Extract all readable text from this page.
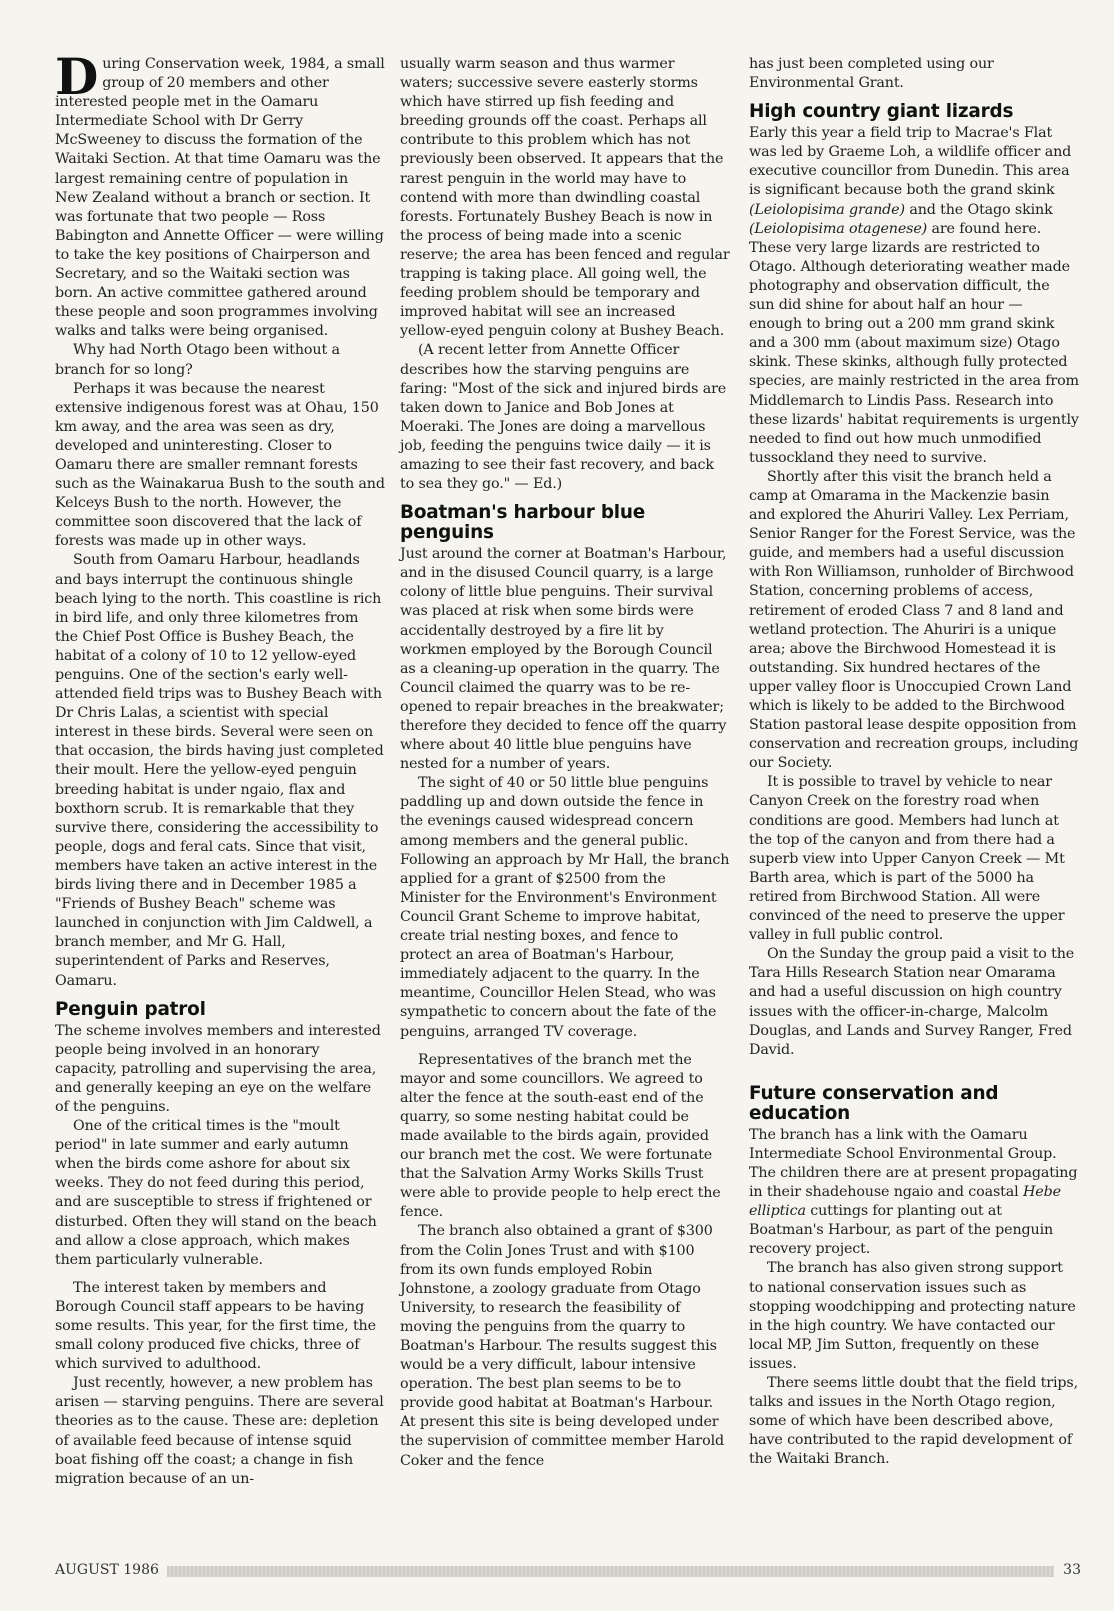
During Conservation week, 1984, a small group of 20 members and other interested people met in the Oamaru Intermediate School with Dr Gerry McSweeney to discuss the formation of the Waitaki Section. At that time Oamaru was the largest remaining centre of population in New Zealand without a branch or section. It was fortunate that two people — Ross Babington and Annette Officer — were willing to take the key positions of Chairperson and Secretary, and so the Waitaki section was born. An active committee gathered around these people and soon programmes involving walks and talks were being organised.

Why had North Otago been without a branch for so long?

Perhaps it was because the nearest extensive indigenous forest was at Ohau, 150 km away, and the area was seen as dry, developed and uninteresting. Closer to Oamaru there are smaller remnant forests such as the Wainakarua Bush to the south and Kelceys Bush to the north. However, the committee soon discovered that the lack of forests was made up in other ways.

South from Oamaru Harbour, headlands and bays interrupt the continuous shingle beach lying to the north. This coastline is rich in bird life, and only three kilometres from the Chief Post Office is Bushey Beach, the habitat of a colony of 10 to 12 yellow-eyed penguins. One of the section's early well-attended field trips was to Bushey Beach with Dr Chris Lalas, a scientist with special interest in these birds. Several were seen on that occasion, the birds having just completed their moult. Here the yellow-eyed penguin breeding habitat is under ngaio, flax and boxthorn scrub. It is remarkable that they survive there, considering the accessibility to people, dogs and feral cats. Since that visit, members have taken an active interest in the birds living there and in December 1985 a "Friends of Bushey Beach" scheme was launched in conjunction with Jim Caldwell, a branch member, and Mr G. Hall, superintendent of Parks and Reserves, Oamaru.

Penguin patrol

The scheme involves members and interested people being involved in an honorary capacity, patrolling and supervising the area, and generally keeping an eye on the welfare of the penguins.

One of the critical times is the "moult period" in late summer and early autumn when the birds come ashore for about six weeks. They do not feed during this period, and are susceptible to stress if frightened or disturbed. Often they will stand on the beach and allow a close approach, which makes them particularly vulnerable.

The interest taken by members and Borough Council staff appears to be having some results. This year, for the first time, the small colony produced five chicks, three of which survived to adulthood.

Just recently, however, a new problem has arisen — starving penguins. There are several theories as to the cause. These are: depletion of available feed because of intense squid boat fishing off the coast; a change in fish migration because of an un-

usually warm season and thus warmer waters; successive severe easterly storms which have stirred up fish feeding and breeding grounds off the coast. Perhaps all contribute to this problem which has not previously been observed. It appears that the rarest penguin in the world may have to contend with more than dwindling coastal forests. Fortunately Bushey Beach is now in the process of being made into a scenic reserve; the area has been fenced and regular trapping is taking place. All going well, the feeding problem should be temporary and improved habitat will see an increased yellow-eyed penguin colony at Bushey Beach.

(A recent letter from Annette Officer describes how the starving penguins are faring: "Most of the sick and injured birds are taken down to Janice and Bob Jones at Moeraki. The Jones are doing a marvellous job, feeding the penguins twice daily — it is amazing to see their fast recovery, and back to sea they go." — Ed.)

Boatman's harbour blue penguins

Just around the corner at Boatman's Harbour, and in the disused Council quarry, is a large colony of little blue penguins. Their survival was placed at risk when some birds were accidentally destroyed by a fire lit by workmen employed by the Borough Council as a cleaning-up operation in the quarry. The Council claimed the quarry was to be re-opened to repair breaches in the breakwater; therefore they decided to fence off the quarry where about 40 little blue penguins have nested for a number of years.

The sight of 40 or 50 little blue penguins paddling up and down outside the fence in the evenings caused widespread concern among members and the general public. Following an approach by Mr Hall, the branch applied for a grant of $2500 from the Minister for the Environment's Environment Council Grant Scheme to improve habitat, create trial nesting boxes, and fence to protect an area of Boatman's Harbour, immediately adjacent to the quarry. In the meantime, Councillor Helen Stead, who was sympathetic to concern about the fate of the penguins, arranged TV coverage.

Representatives of the branch met the mayor and some councillors. We agreed to alter the fence at the south-east end of the quarry, so some nesting habitat could be made available to the birds again, provided our branch met the cost. We were fortunate that the Salvation Army Works Skills Trust were able to provide people to help erect the fence.

The branch also obtained a grant of $300 from the Colin Jones Trust and with $100 from its own funds employed Robin Johnstone, a zoology graduate from Otago University, to research the feasibility of moving the penguins from the quarry to Boatman's Harbour. The results suggest this would be a very difficult, labour intensive operation. The best plan seems to be to provide good habitat at Boatman's Harbour. At present this site is being developed under the supervision of committee member Harold Coker and the fence

has just been completed using our Environmental Grant.

High country giant lizards

Early this year a field trip to Macrae's Flat was led by Graeme Loh, a wildlife officer and executive councillor from Dunedin. This area is significant because both the grand skink (Leiolopisima grande) and the Otago skink (Leiolopisima otagenese) are found here. These very large lizards are restricted to Otago. Although deteriorating weather made photography and observation difficult, the sun did shine for about half an hour — enough to bring out a 200 mm grand skink and a 300 mm (about maximum size) Otago skink. These skinks, although fully protected species, are mainly restricted in the area from Middlemarch to Lindis Pass. Research into these lizards' habitat requirements is urgently needed to find out how much unmodified tussockland they need to survive.

Shortly after this visit the branch held a camp at Omarama in the Mackenzie basin and explored the Ahuriri Valley. Lex Perriam, Senior Ranger for the Forest Service, was the guide, and members had a useful discussion with Ron Williamson, runholder of Birchwood Station, concerning problems of access, retirement of eroded Class 7 and 8 land and wetland protection. The Ahuriri is a unique area; above the Birchwood Homestead it is outstanding. Six hundred hectares of the upper valley floor is Unoccupied Crown Land which is likely to be added to the Birchwood Station pastoral lease despite opposition from conservation and recreation groups, including our Society.

It is possible to travel by vehicle to near Canyon Creek on the forestry road when conditions are good. Members had lunch at the top of the canyon and from there had a superb view into Upper Canyon Creek — Mt Barth area, which is part of the 5000 ha retired from Birchwood Station. All were convinced of the need to preserve the upper valley in full public control.

On the Sunday the group paid a visit to the Tara Hills Research Station near Omarama and had a useful discussion on high country issues with the officer-in-charge, Malcolm Douglas, and Lands and Survey Ranger, Fred David.

Future conservation and education

The branch has a link with the Oamaru Intermediate School Environmental Group. The children there are at present propagating in their shadehouse ngaio and coastal Hebe elliptica cuttings for planting out at Boatman's Harbour, as part of the penguin recovery project.

The branch has also given strong support to national conservation issues such as stopping woodchipping and protecting nature in the high country. We have contacted our local MP, Jim Sutton, frequently on these issues.

There seems little doubt that the field trips, talks and issues in the North Otago region, some of which have been described above, have contributed to the rapid development of the Waitaki Branch.

AUGUST 1986	33
